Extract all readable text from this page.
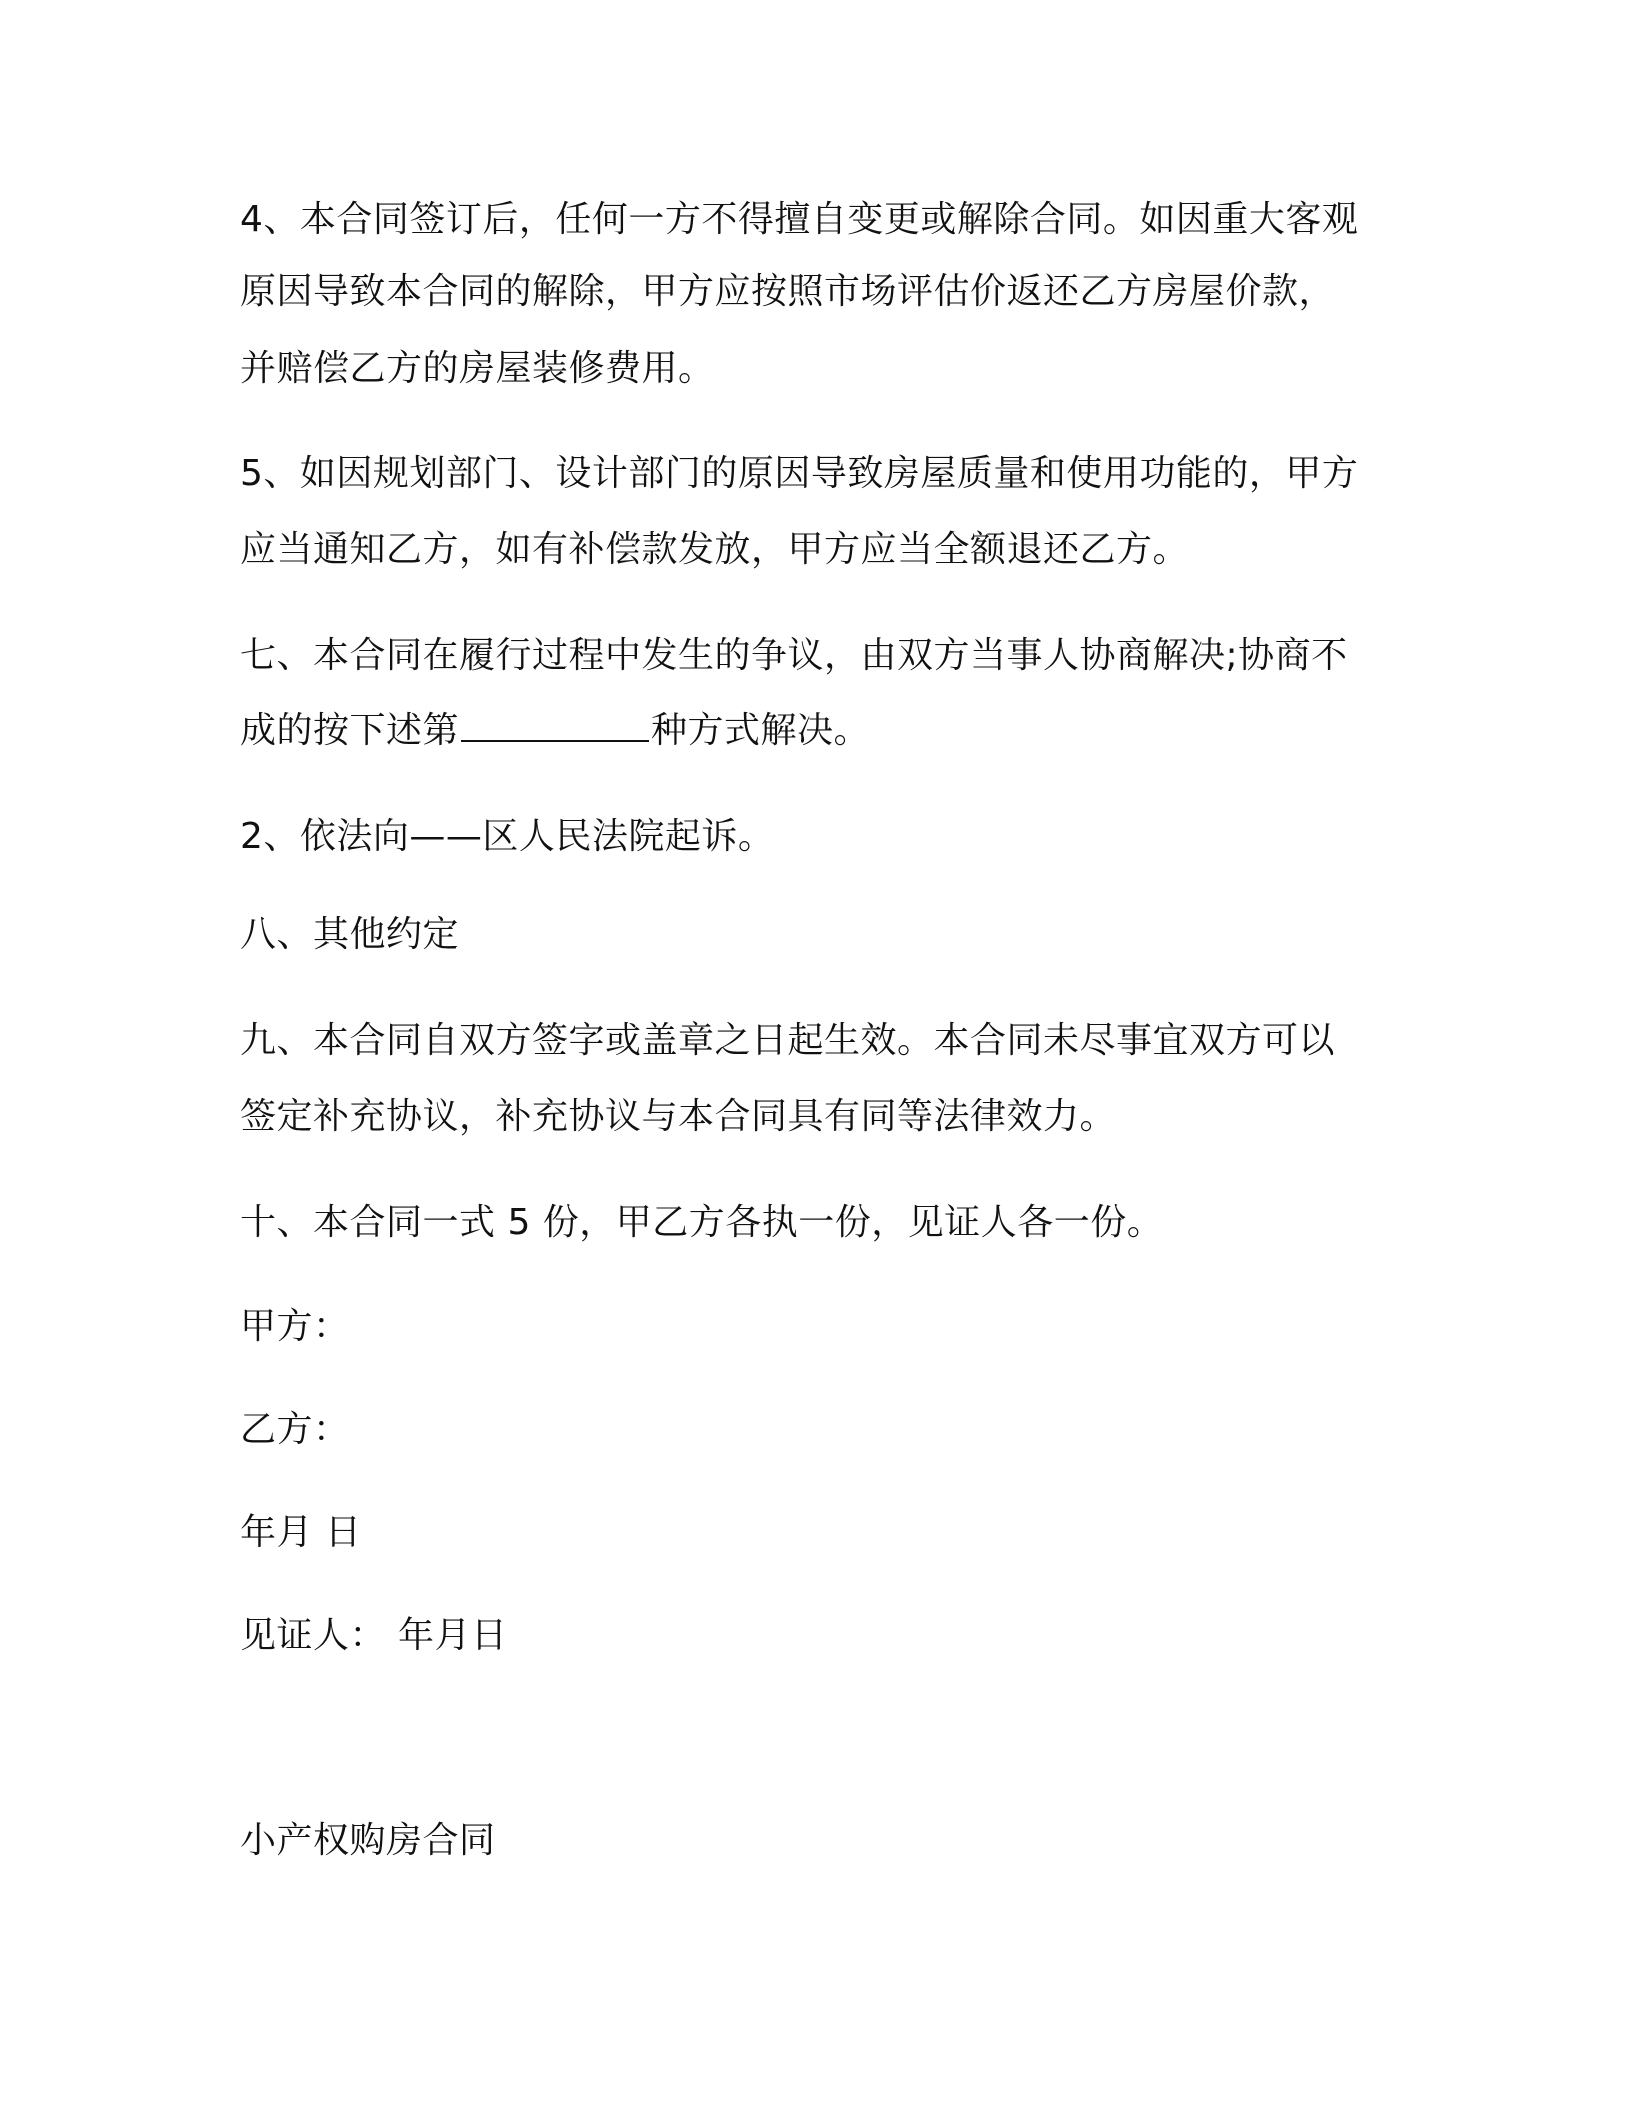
4、本合同签订后，任何一方不得擅自变更或解除合同。如因重大客观
原因导致本合同的解除，甲方应按照市场评估价返还乙方房屋价款，
并赔偿乙方的房屋装修费用。
5、如因规划部门、设计部门的原因导致房屋质量和使用功能的，甲方
应当通知乙方，如有补偿款发放，甲方应当全额退还乙方。
七、本合同在履行过程中发生的争议，由双方当事人协商解决;协商不
成的按下述第	种方式解决。
2、依法向——区人民法院起诉。
八、其他约定
九、本合同自双方签字或盖章之日起生效。本合同未尽事宜双方可以
签定补充协议，补充协议与本合同具有同等法律效力。
十、本合同一式 5 份，甲乙方各执一份，见证人各一份。
甲方：
乙方：
年月 日
见证人： 年月日
小产权购房合同
